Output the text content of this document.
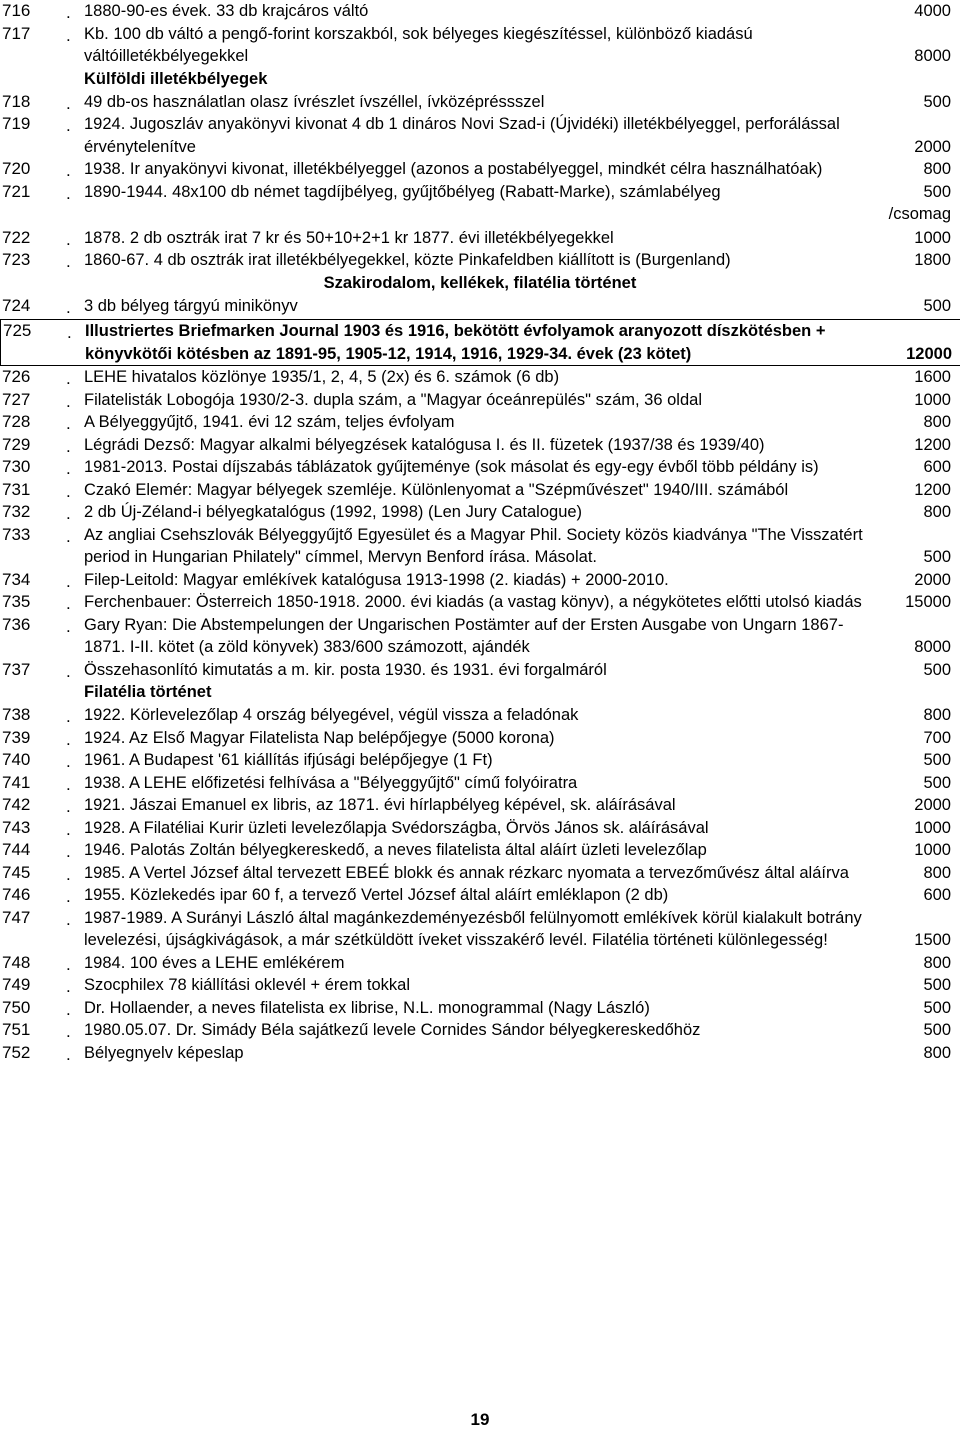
716 . 1880-90-es évek. 33 db krajcáros váltó	4000
717 . Kb. 100 db váltó a pengő-forint korszakból, sok bélyeges kiegészítéssel, különböző kiadású váltóilletékbélyegekkel	8000
Külföldi illetékbélyegek
718 . 49 db-os használatlan olasz ívrészlet ívszéllel, ívközépréssszel	500
719 . 1924. Jugoszláv anyakönyvi kivonat 4 db 1 dináros Novi Szad-i (Újvidéki) illetékbélyeggel, perforálással érvénytelenítve	2000
720 . 1938. Ir anyakönyvi kivonat, illetékbélyeggel (azonos a postabélyeggel, mindkét célra használhatóak)	800
721 . 1890-1944. 48x100 db német tagdíjbélyeg, gyűjtőbélyeg (Rabatt-Marke), számlabélyeg	500
/csomag
722 . 1878. 2 db osztrák irat 7 kr és 50+10+2+1 kr 1877. évi illetékbélyegekkel	1000
723 . 1860-67. 4 db osztrák irat illetékbélyegekkel, közte Pinkafeldben kiállított is (Burgenland)	1800
Szakirodalom, kellékek, filatélia történet
724 . 3 db bélyeg tárgyú minikönyv	500
725 . Illustriertes Briefmarken Journal 1903 és 1916, bekötött évfolyamok aranyozott díszkötésben + könyvkötői kötésben az 1891-95, 1905-12, 1914, 1916, 1929-34. évek (23 kötet)	12000
726 . LEHE hivatalos közlönye 1935/1, 2, 4, 5 (2x) és 6. számok (6 db)	1600
727 . Filatelisták Lobogója 1930/2-3. dupla szám, a "Magyar óceánrepülés" szám, 36 oldal	1000
728 . A Bélyeggyűjtő, 1941. évi 12 szám, teljes évfolyam	800
729 . Légrádi Dezső: Magyar alkalmi bélyegzések katalógusa I. és II. füzetek (1937/38 és 1939/40)	1200
730 . 1981-2013. Postai díjszabás táblázatok gyűjteménye (sok másolat és egy-egy évből több példány is)	600
731 . Czakó Elemér: Magyar bélyegek szemléje. Különlenyomat a "Szépművészet" 1940/III. számából	1200
732 . 2 db Új-Zéland-i bélyegkatalógus (1992, 1998) (Len Jury Catalogue)	800
733 . Az angliai Csehszlovák Bélyeggyűjtő Egyesület és a Magyar Phil. Society közös kiadványa "The Visszatért period in Hungarian Philately" címmel, Mervyn Benford írása. Másolat.	500
734 . Filep-Leitold: Magyar emlékívek katalógusa 1913-1998 (2. kiadás) + 2000-2010.	2000
735 . Ferchenbauer: Österreich 1850-1918. 2000. évi kiadás (a vastag könyv), a négykötetes előtti utolsó kiadás	15000
736 . Gary Ryan: Die Abstempelungen der Ungarischen Postämter auf der Ersten Ausgabe von Ungarn 1867-1871. I-II. kötet (a zöld könyvek) 383/600 számozott, ajándék	8000
737 . Összehasonlító kimutatás a m. kir. posta 1930. és 1931. évi forgalmáról	500
Filatélia történet
738 . 1922. Körlevelezőlap 4 ország bélyegével, végül vissza a feladónak	800
739 . 1924. Az Első Magyar Filatelista Nap belépőjegye (5000 korona)	700
740 . 1961. A Budapest '61 kiállítás ifjúsági belépőjegye (1 Ft)	500
741 . 1938. A LEHE előfizetési felhívása a "Bélyeggyűjtő" című folyóiratra	500
742 . 1921. Jászai Emanuel ex libris, az 1871. évi hírlapbélyeg képével, sk. aláírásával	2000
743 . 1928. A Filatéliai Kurir üzleti levelezőlapja Svédországba, Örvös János sk. aláírásával	1000
744 . 1946. Palotás Zoltán bélyegkereskedő, a neves filatelista által aláírt üzleti levelezőlap	1000
745 . 1985. A Vertel József által tervezett EBEÉ blokk és annak rézkarc nyomata a tervezőművész által aláírva	800
746 . 1955. Közlekedés ipar 60 f, a tervező Vertel József által aláírt emléklapon (2 db)	600
747 . 1987-1989. A Surányi László által magánkezdeményezésből felülnyomott emlékívek körül kialakult botrány levelezési, újságkivágások, a már szétküldött íveket visszakérő levél. Filatélia történeti különlegesség!	1500
748 . 1984. 100 éves a LEHE emlékérem	800
749 . Szocphilex 78 kiállítási oklevél + érem tokkal	500
750 . Dr. Hollaender, a neves filatelista ex librise, N.L. monogrammal (Nagy László)	500
751 . 1980.05.07. Dr. Simády Béla sajátkezű levele Cornides Sándor bélyegkereskedőhöz	500
752 . Bélyegnyelv képeslap	800
19
